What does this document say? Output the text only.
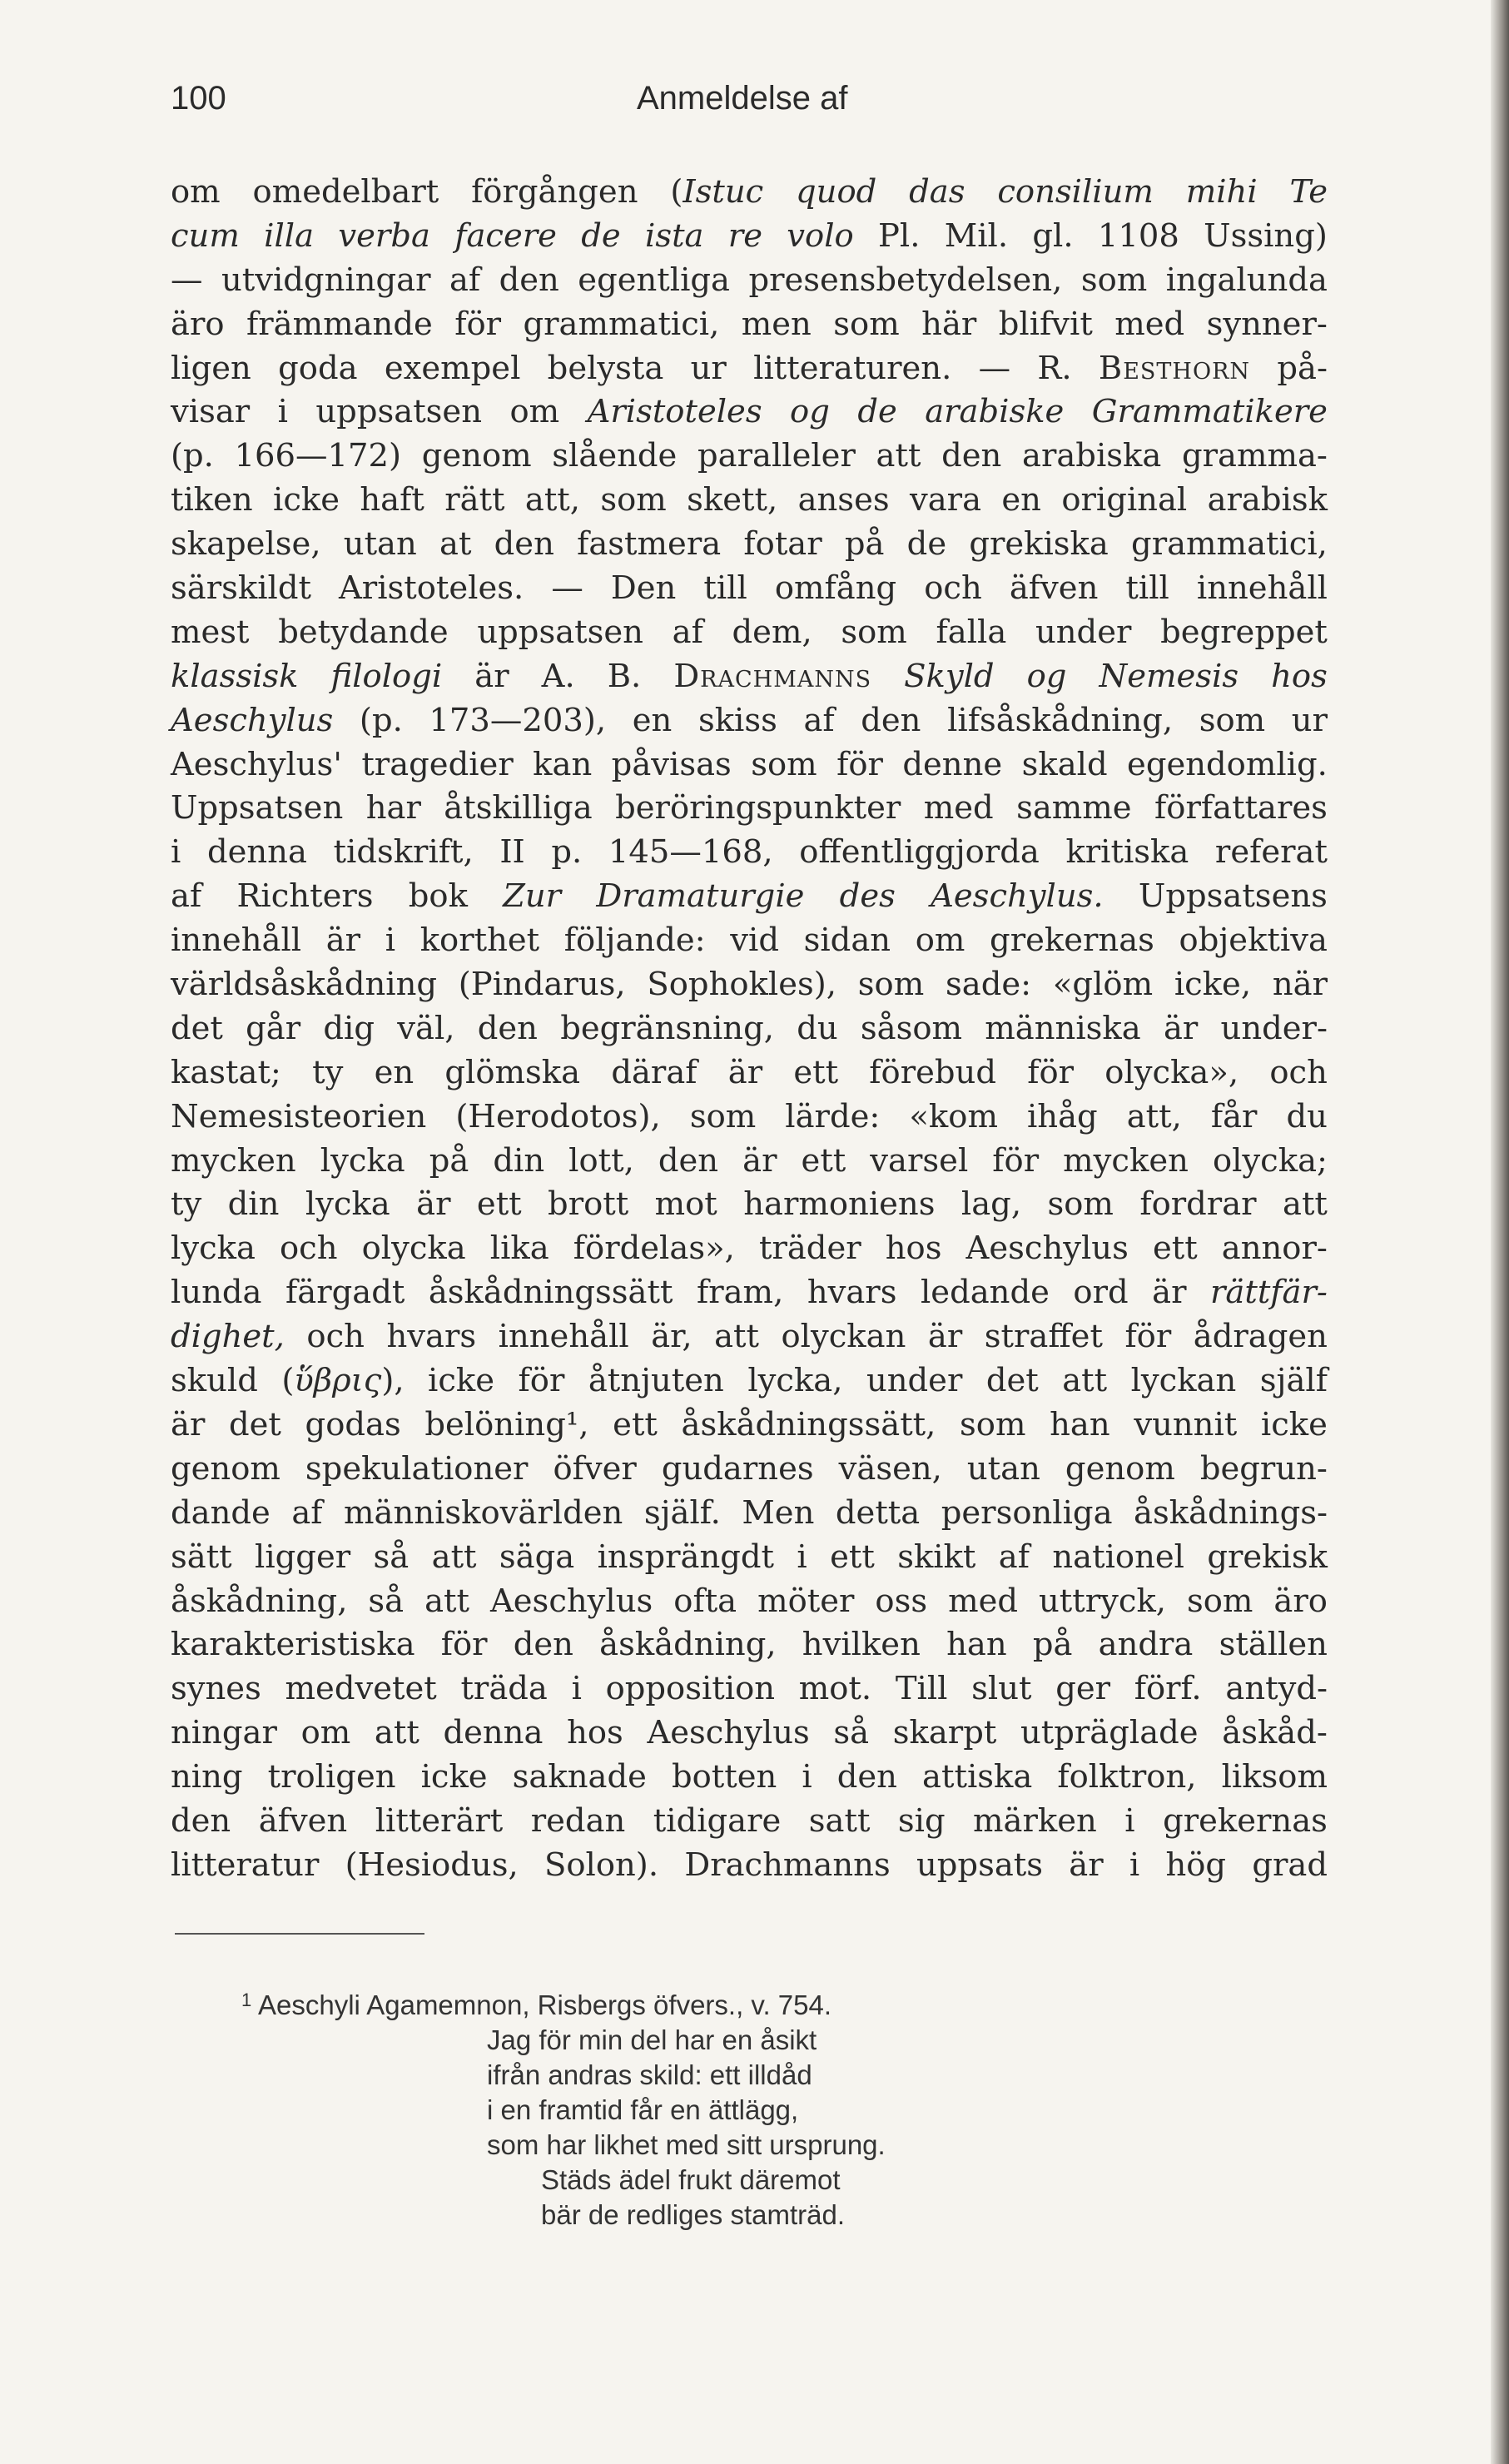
100	Anmeldelse af
om omedelbart förgången (Istuc quod das consilium mihi Te
cum illa verba facere de ista re volo Pl. Mil. gl. 1108 Ussing)
— utvidgningar af den egentliga presensbetydelsen, som ingalunda
äro främmande för grammatici, men som här blifvit med synner-
ligen goda exempel belysta ur litteraturen. — R. Besthorn på-
visar i uppsatsen om Aristoteles og de arabiske Grammatikere
(p. 166—172) genom slående paralleler att den arabiska gramma-
tiken icke haft rätt att, som skett, anses vara en original arabisk
skapelse, utan at den fastmera fotar på de grekiska grammatici,
särskildt Aristoteles. — Den till omfång och äfven till innehåll
mest betydande uppsatsen af dem, som falla under begreppet
klassisk filologi är A. B. Drachmanns Skyld og Nemesis hos
Aeschylus (p. 173—203), en skiss af den lifsåskådning, som ur
Aeschylus' tragedier kan påvisas som för denne skald egendomlig.
Uppsatsen har åtskilliga beröringspunkter med samme författares
i denna tidskrift, II p. 145—168, offentliggjorda kritiska referat
af Richters bok Zur Dramaturgie des Aeschylus. Uppsatsens
innehåll är i korthet följande: vid sidan om grekernas objektiva
världsåskådning (Pindarus, Sophokles), som sade: «glöm icke, när
det går dig väl, den begränsning, du såsom människa är under-
kastat; ty en glömska däraf är ett förebud för olycka», och
Nemesisteorien (Herodotos), som lärde: «kom ihåg att, får du
mycken lycka på din lott, den är ett varsel för mycken olycka;
ty din lycka är ett brott mot harmoniens lag, som fordrar att
lycka och olycka lika fördelas», träder hos Aeschylus ett annor-
lunda färgadt åskådningssätt fram, hvars ledande ord är rättfär-
dighet, och hvars innehåll är, att olyckan är straffet för ådragen
skuld (ὕβρις), icke för åtnjuten lycka, under det att lyckan själf
är det godas belöning¹, ett åskådningssätt, som han vunnit icke
genom spekulationer öfver gudarnes väsen, utan genom begrun-
dande af människovärlden själf. Men detta personliga åskådnings-
sätt ligger så att säga insprängdt i ett skikt af nationel grekisk
åskådning, så att Aeschylus ofta möter oss med uttryck, som äro
karakteristiska för den åskådning, hvilken han på andra ställen
synes medvetet träda i opposition mot. Till slut ger förf. antyd-
ningar om att denna hos Aeschylus så skarpt utpräglade åskåd-
ning troligen icke saknade botten i den attiska folktron, liksom
den äfven litterärt redan tidigare satt sig märken i grekernas
litteratur (Hesiodus, Solon). Drachmanns uppsats är i hög grad
1 Aeschyli Agamemnon, Risbergs öfvers., v. 754.
Jag för min del har en åsikt
ifrån andras skild: ett illdåd
i en framtid får en ättlägg,
som har likhet med sitt ursprung.
Städs ädel frukt däremot
bär de redliges stamträd.
